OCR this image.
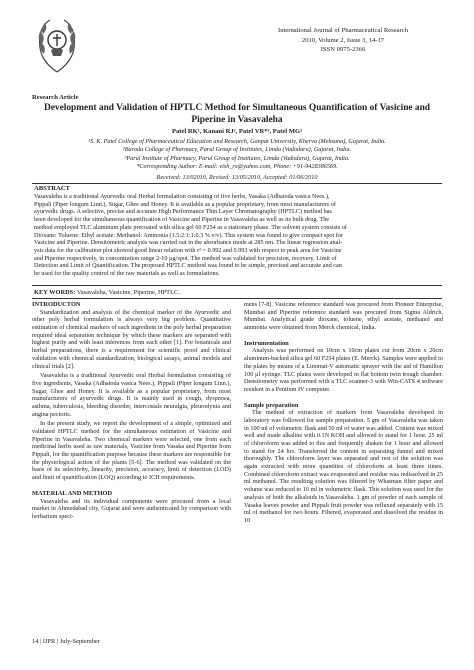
International Journal of Pharmaceutical Research
2010, Volume 2, Issue 3, 14-17
ISSN 0975-2366
Research Article
Development and Validation of HPTLC Method for Simultaneous Quantification of Vasicine and Piperine in Vasavaleha
Patel RK¹, Kanani RJ², Patel VR*², Patel MG³
¹S. K. Patel College of Pharmaceutical Education and Research, Ganpat University, Kherva (Mehsana), Gujarat, India.
²Baroda College of Pharmacy, Parul Group of Institutes, Limda (Vadodara), Gujarat, India.
³Parul Institute of Pharmacy, Parul Group of Institutes, Limda (Vadodara), Gujarat, India.
*Corresponding Author: E-mail: vish_rx@yahoo.com, Phone: +91-9428386569.
Received: 13/02010, Revised: 13/05/2010, Accepted: 01/06/2010
ABSTRACT
Vasavaleha is a traditional Ayurvedic oral Herbal formulation consisting of five herbs, Vasaka (Adhatoda vasica Nees.),
Pippali (Piper longum Linn.), Sugar, Ghee and Honey. It is available as a popular proprietary, from most manufacturers of
ayurvedic drugs. A selective, precise and accurate High Performance Thin Layer Chromatography (HPTLC) method has
been developed for the simultaneous quantification of Vasicine and Piperine in Vasavaleha as well as its bulk drug. The
method employed TLC aluminum plate precoated with silica gel 60 F254 as a stationary phase. The solvent system consists of
Dioxane: Toluene: Ethyl acetate: Methanol: Ammonia (1.5:2:1:1:0.3 % v/v). This system was found to give compact spot for
Vasicine and Piperine. Densitometric analysis was carried out in the absorbance mode at 285 nm. The linear regression anal-
ysis data for the calibration plot showed good linear relation with r² = 0.992 and 0.993 with respect to peak area for Vasicine
and Piperine respectively, in concentration range 2-10 µg/spot. The method was validated for precision, recovery, Limit of
Detection and Limit of Quantification. The proposed HPTLC method was found to be simple, precised and accurate and can
be used for the quality control of the raw materials as well as formulations.
KEY WORDS: Vasavaleha, Vasicine, Piperine, HPTLC.
INTRODUCTON

Standardization and analysis of the chemical marker of the Ayurvedic and other poly herbal formulation is always very big problem. Quantitative estimation of chemical markers of each ingredient in the poly herbal preparation required ideal separation technique by which these markers are separated with highest purity and with least inferences from each other [1]. For botanicals and herbal preparations, there is a requirement for scientific proof and clinical validation with chemical standardization, biological assays, animal models and clinical trials [2].

Vasavaleha is a traditional Ayurvedic oral Herbal formulation consisting of five ingredients, Vasaka (Adhatoda vasica Nees.), Pippali (Piper longum Linn.), Sugar, Ghee and Honey. It is available as a popular proprietary, from most manufacturers of ayurvedic drugs. It is mainly used in cough, dyspnoea, asthma, tuberculosis, bleeding disorder, intercostals neuralgia, pleurodynia and angina pectoris.

In the present study, we report the development of a simple, optimized and validated HPTLC method for the simultaneous estimation of Vasicine and Piperine in Vasavaleha. Two chemical markers were selected, one from each medicinal herbs used as raw materials, Vasicine from Vasaka and Piperine from Pippali, for the quantification purpose because these markers are responsible for the physiological action of the plants [5-6]. The method was validated on the basis of its selectivity, linearity, precision, accuracy, limit of detection (LOD) and limit of quantification (LOQ) according to ICH requirements.

MATERIAL AND METHOD

Vasavaleha and its individual components were procured from a local market in Ahmedabad city, Gujarat and were authenticated by comparison with herbarium speci-

mens [7-8]. Vasicine reference standard was procured from Pioneer Enterprise, Mumbai and Piperine reference standard was procured from Sigma Aldrich, Mumbai. Analytical grade dioxane, toluene, ethyl acetate, methanol and ammonia were obtained from Merck chemical, India.

Instrumentation

Analysis was performed on 10cm x 10cm plates cut from 20cm x 20cm aluminum-backed silica gel 60 F254 plates (E. Merck). Samples were applied to the plates by means of a Linomat-V automatic sprayer with the aid of Hamilton 100 µl syringe. TLC plates were developed in flat bottom twin trough chamber. Densitometry was performed with a TLC scanner-3 with Win-CATS 4 software resident in a Pentium IV computer.

Sample preparation

The method of extraction of markers from Vasavaleha developed in laboratory was followed for sample preparation. 5 gm of Vasavaleha was taken in 100 ml of volumetric flask and 50 ml of water was added. Content was mixed well and made alkaline with 0.1N KOH and allowed to stand for 1 hour. 25 ml of chloroform was added to this and frequently shaken for 1 hour and allowed to stand for 24 hrs. Transferred the content in separating funnel and mixed thoroughly. The chloroform layer was separated and rest of the solution was again extracted with more quantities of chloroform at least three times. Combined chloroform extract was evaporated and residue was redissolved in 25 ml methanol. The resulting solution was filtered by Whatman filter paper and volume was reduced to 10 ml in volumetric flask. This solution was used for the analysis of both the alkaloids in Vasavaleha. 1 gm of powder of each sample of Vasaka leaves powder and Pippali fruit powder was refluxed separately with 15 ml of methanol for two hours. Filtered, evaporated and dissolved the residue in 10

14 | IJPR | July-September
